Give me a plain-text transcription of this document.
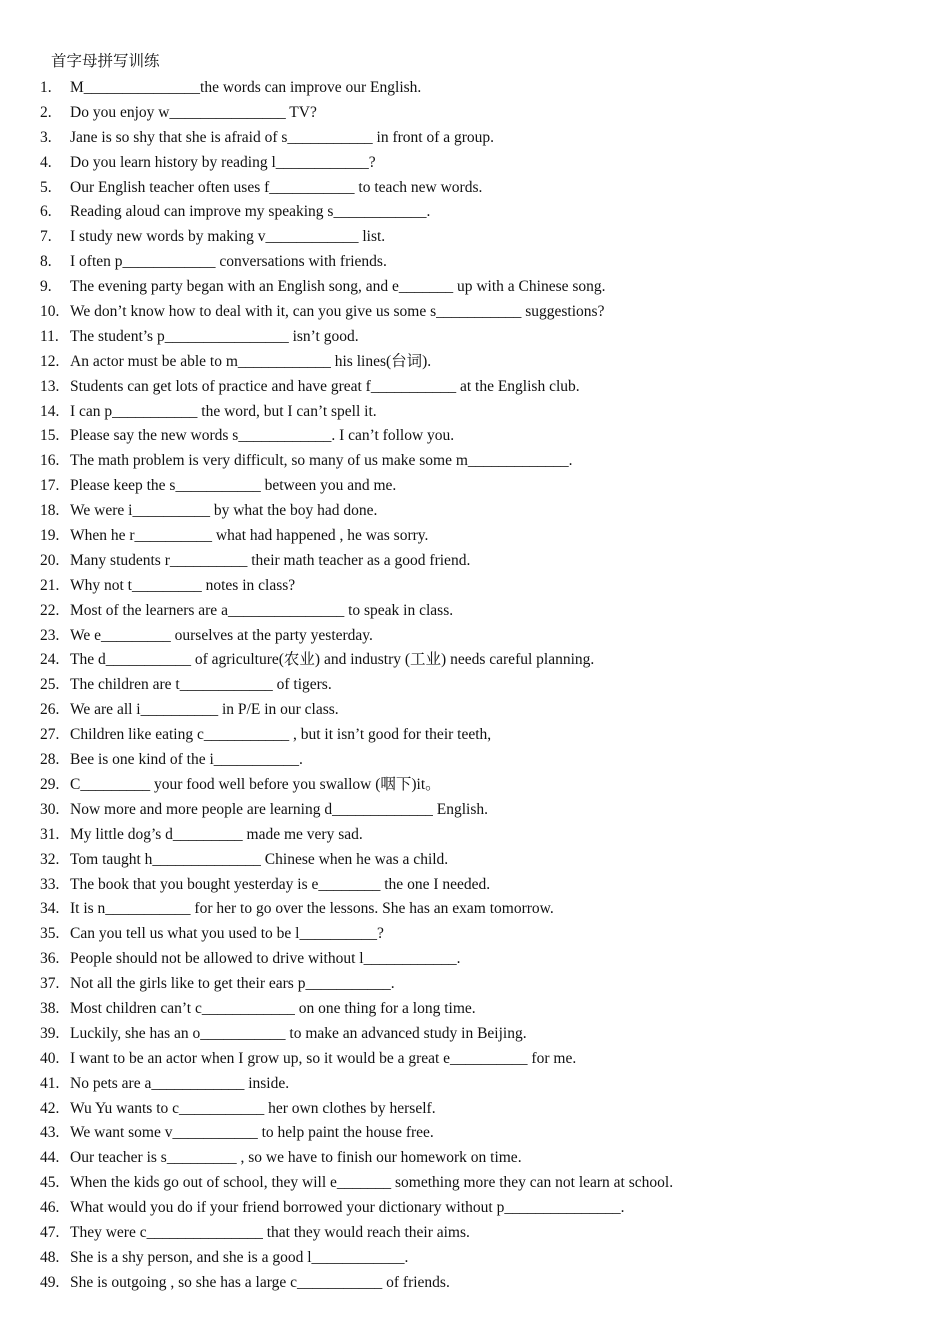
首字母拼写训练
1. M_______________the words can improve our English.
2. Do you enjoy w_______________ TV?
3. Jane is so shy that she is afraid of s___________ in front of a group.
4. Do you learn history by reading l____________?
5. Our English teacher often uses f___________ to teach new words.
6. Reading aloud can improve my speaking s____________.
7. I study new words by making v____________ list.
8. I often p____________ conversations with friends.
9. The evening party began with an English song, and e_______ up with a Chinese song.
10. We don’t know how to deal with it, can you give us some s___________ suggestions?
11. The student’s p________________ isn’t good.
12. An actor must be able to m____________ his lines(台词).
13. Students can get lots of practice and have great f___________ at the English club.
14. I can p___________ the word, but I can’t spell it.
15. Please say the new words s____________. I can’t follow you.
16. The math problem is very difficult, so many of us make some m_____________.
17. Please keep the s___________ between you and me.
18. We were i__________ by what the boy had done.
19. When he r__________ what had happened , he was sorry.
20. Many students r__________ their math teacher as a good friend.
21. Why not t_________ notes in class?
22. Most of the learners are a_______________ to speak in class.
23. We e_________ ourselves at the party yesterday.
24. The d___________ of agriculture(农业) and industry (工业) needs careful planning.
25. The children are t____________ of tigers.
26. We are all i__________ in P/E in our class.
27. Children like eating c___________ , but it isn’t good for their teeth,
28. Bee is one kind of the i___________.
29. C_________ your food well before you swallow (咽下)it。
30. Now more and more people are learning d_____________ English.
31. My little dog’s d_________ made me very sad.
32. Tom taught h______________ Chinese when he was a child.
33. The book that you bought yesterday is e________ the one I needed.
34. It is n___________ for her to go over the lessons. She has an exam tomorrow.
35. Can you tell us what you used to be l__________?
36. People should not be allowed to drive without l____________.
37. Not all the girls like to get their ears p___________.
38. Most children can’t c____________ on one thing for a long time.
39. Luckily, she has an o___________ to make an advanced study in Beijing.
40. I want to be an actor when I grow up, so it would be a great e__________ for me.
41. No pets are a____________ inside.
42. Wu Yu wants to c___________ her own clothes by herself.
43. We want some v___________ to help paint the house free.
44. Our teacher is s_________ , so we have to finish our homework on time.
45. When the kids go out of school, they will e_______ something more they can not learn at school.
46. What would you do if your friend borrowed your dictionary without p_______________.
47. They were c_______________ that they would reach their aims.
48. She is a shy person, and she is a good l____________.
49. She is outgoing , so she has a large c___________ of friends.
